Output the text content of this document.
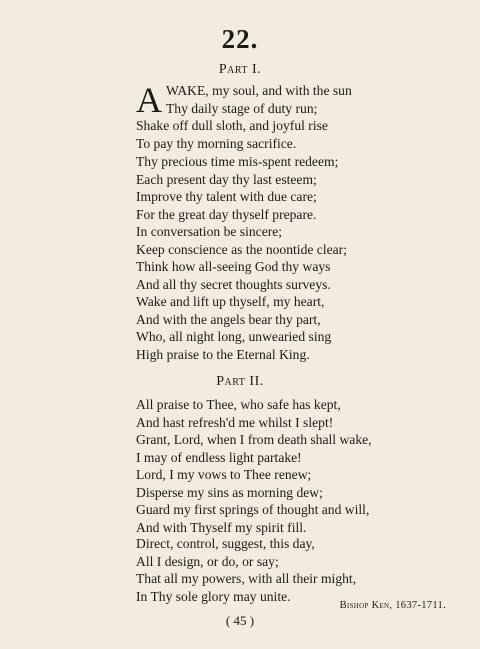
22.
Part I.
A WAKE, my soul, and with the sun
Thy daily stage of duty run;
Shake off dull sloth, and joyful rise
To pay thy morning sacrifice.
Thy precious time mis-spent redeem;
Each present day thy last esteem;
Improve thy talent with due care;
For the great day thyself prepare.
In conversation be sincere;
Keep conscience as the noontide clear;
Think how all-seeing God thy ways
And all thy secret thoughts surveys.
Wake and lift up thyself, my heart,
And with the angels bear thy part,
Who, all night long, unwearied sing
High praise to the Eternal King.
Part II.
All praise to Thee, who safe has kept,
And hast refresh'd me whilst I slept!
Grant, Lord, when I from death shall wake,
I may of endless light partake!
Lord, I my vows to Thee renew;
Disperse my sins as morning dew;
Guard my first springs of thought and will,
And with Thyself my spirit fill.
Direct, control, suggest, this day,
All I design, or do, or say;
That all my powers, with all their might,
In Thy sole glory may unite.
Bishop Ken, 1637-1711.
( 45 )
